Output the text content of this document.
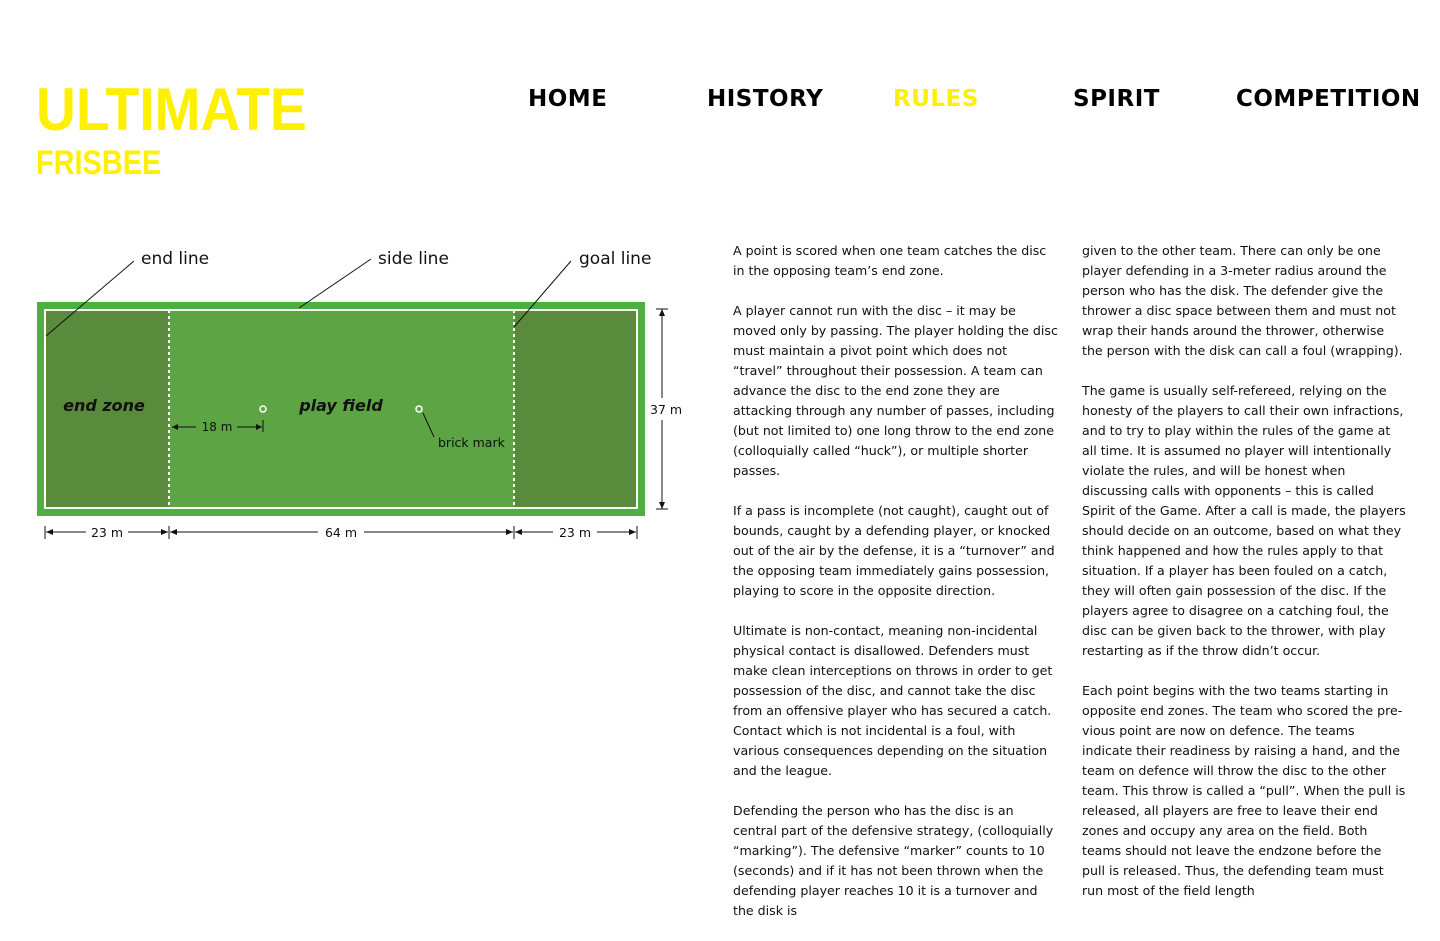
ULTIMATE
FRISBEE
HOME	HISTORY	RULES	SPIRIT	COMPETITION
end zone	play field
18 m
brick mark
end line	side line	goal line
37 m
23 m	64 m	23 m

A point is scored when one team catches the disc in the opposing team’s end zone.

A player cannot run with the disc – it may be moved only by passing. The player holding the disc must maintain a pivot point which does not “travel” throughout their possession. A team can advance the disc to the end zone they are attacking through any number of passes, including (but not limited to) one long throw to the end zone (colloquially called “huck”), or multiple shorter passes.

If a pass is incomplete (not caught), caught out of bounds, caught by a defending player, or knocked out of the air by the defense, it is a “turnover” and the opposing team immediately gains possession, playing to score in the opposite direction.

Ultimate is non-contact, meaning non-incidental physical contact is disallowed. Defenders must make clean interceptions on throws in order to get possession of the disc, and cannot take the disc from an offensive player who has secured a catch. Contact which is not incidental is a foul, with various consequences depending on the situation and the league.

Defending the person who has the disc is an central part of the defensive strategy, (colloquially “marking”). The defensive “marker” counts to 10 (seconds) and if it has not been thrown when the defending player reaches 10 it is a turnover and the disk is

given to the other team. There can only be one player defending in a 3-meter radius around the person who has the disk. The defender give the thrower a disc space between them and must not wrap their hands around the thrower, otherwise the person with the disk can call a foul (wrapping).

The game is usually self-refereed, relying on the honesty of the players to call their own infractions, and to try to play within the rules of the game at all time. It is assumed no player will intentionally violate the rules, and will be honest when discussing calls with opponents – this is called Spirit of the Game. After a call is made, the players should decide on an outcome, based on what they think happened and how the rules apply to that situation. If a player has been fouled on a catch, they will often gain possession of the disc. If the players agree to disagree on a catching foul, the disc can be given back to the thrower, with play restarting as if the throw didn’t occur.

Each point begins with the two teams starting in opposite end zones. The team who scored the previous point are now on defence. The teams indicate their readiness by raising a hand, and the team on defence will throw the disc to the other team. This throw is called a “pull”. When the pull is released, all players are free to leave their end zones and occupy any area on the field. Both teams should not leave the endzone before the pull is released. Thus, the defending team must run most of the field length
